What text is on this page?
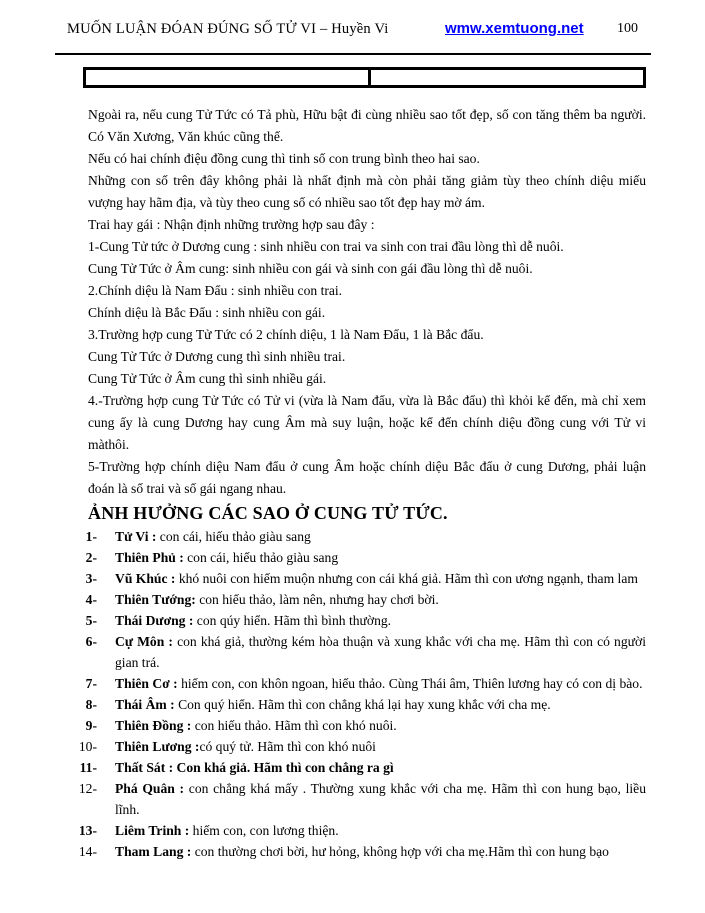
MUỐN LUẬN ĐÓAN ĐÚNG SỐ TỬ VI – Huyền Vi	wmw.xemtuong.net 100

Ngoài ra, nếu cung Tử Tức có Tả phù, Hữu bật đi cùng nhiều sao tốt đẹp, số con tăng thêm ba người. Có Văn Xương, Văn khúc cũng thế.

Nếu có hai chính điệu đồng cung thì tinh số con trung bình theo hai sao.

Những con số trên đây không phải là nhất định mà còn phải tăng giảm tùy theo chính diệu miếu vượng hay hãm địa, và tùy theo cung số có nhiều sao tốt đẹp hay mờ ám.

Trai hay gái : Nhận định những trường hợp sau đây :

1-Cung Tử tức ở Dương cung : sinh nhiều con trai va sinh con trai đầu lòng thì dễ nuôi.

Cung Tử Tức ở Âm cung: sinh nhiều con gái và sinh con gái đầu lòng thì dễ nuôi.

2.Chính diệu là Nam Đẩu : sinh nhiều con trai.

Chính diệu là Bắc Đẩu : sinh nhiều con gái.

3.Trường hợp cung Tử Tức có 2 chính diệu, 1 là Nam Đẩu, 1 là Bắc đẩu.

Cung Tử Tức ở Dương cung thì sinh nhiều trai.

Cung Tử Tức ở Âm cung thì sinh nhiều gái.

4.-Trường hợp cung Tử Tức có Tử vi (vừa là Nam đẩu, vừa là Bắc đẩu) thì khỏi kể đến, mà chỉ xem cung ấy là cung Dương hay cung Âm mà suy luận, hoặc kể đến chính diệu đồng cung với Tử vi màthôi.

5-Trường hợp chính diệu Nam đẩu ở cung Âm hoặc chính diệu Bắc đẩu ở cung Dương, phải luận đoán là số trai và số gái ngang nhau.

ẢNH HƯỞNG CÁC SAO Ở CUNG TỬ TỨC.
1- Tử Vi : con cái, hiếu thảo giàu sang
2- Thiên Phủ : con cái, hiếu thảo giàu sang
3- Vũ Khúc : khó nuôi con hiếm muộn nhưng con cái khá giả. Hãm thì con ương ngạnh, tham lam
4- Thiên Tướng: con hiếu thảo, làm nên, nhưng hay chơi bời.
5- Thái Dương : con qúy hiển. Hãm thì bình thường.
6- Cự Môn : con khá giả, thường kém hòa thuận và xung khắc với cha mẹ. Hãm thì con có người gian trá.
7- Thiên Cơ : hiếm con, con khôn ngoan, hiếu thảo. Cùng Thái âm, Thiên lương hay có con dị bào.
8- Thái Âm : Con quý hiển. Hãm thì con chẳng khá lại hay xung khắc với cha mẹ.
9- Thiên Đồng : con hiếu thảo. Hãm thì con khó nuôi.
10- Thiên Lương :có quý tử. Hãm thì con khó nuôi
11- Thất Sát : Con khá giả. Hãm thì con chẳng ra gì
12- Phá Quân : con chẳng khá mấy . Thường xung khắc với cha mẹ. Hãm thì con hung bạo, liều lĩnh.
13- Liêm Trinh : hiếm con, con lương thiện.
14- Tham Lang : con thường chơi bời, hư hỏng, không hợp với cha mẹ.Hãm thì con hung bạo
